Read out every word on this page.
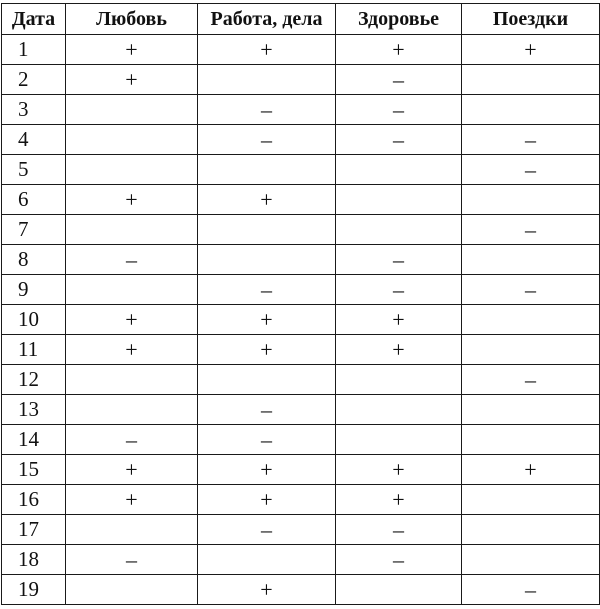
Дата	Любовь	Работа, дела	Здоровье	Поездки
1	+	+	+	+
2	+		–	
3		–	–	
4		–	–	–
5				–
6	+	+		
7				–
8	–		–	
9		–	–	–
10	+	+	+	
11	+	+	+	
12				–
13		–		
14	–	–		
15	+	+	+	+
16	+	+	+	
17		–	–	
18	–		–	
19		+		–
